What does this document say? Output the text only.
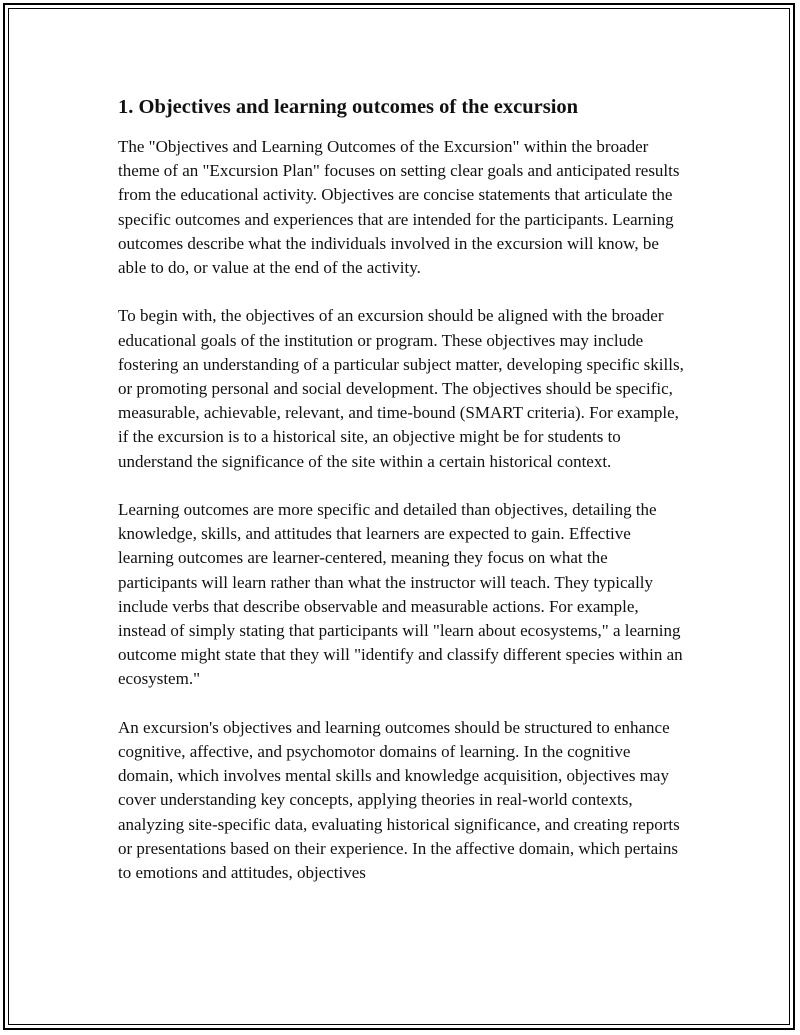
1. Objectives and learning outcomes of the excursion

The "Objectives and Learning Outcomes of the Excursion" within the broader theme of an "Excursion Plan" focuses on setting clear goals and anticipated results from the educational activity. Objectives are concise statements that articulate the specific outcomes and experiences that are intended for the participants. Learning outcomes describe what the individuals involved in the excursion will know, be able to do, or value at the end of the activity.

To begin with, the objectives of an excursion should be aligned with the broader educational goals of the institution or program. These objectives may include fostering an understanding of a particular subject matter, developing specific skills, or promoting personal and social development. The objectives should be specific, measurable, achievable, relevant, and time-bound (SMART criteria). For example, if the excursion is to a historical site, an objective might be for students to understand the significance of the site within a certain historical context.

Learning outcomes are more specific and detailed than objectives, detailing the knowledge, skills, and attitudes that learners are expected to gain. Effective learning outcomes are learner-centered, meaning they focus on what the participants will learn rather than what the instructor will teach. They typically include verbs that describe observable and measurable actions. For example, instead of simply stating that participants will "learn about ecosystems," a learning outcome might state that they will "identify and classify different species within an ecosystem."

An excursion's objectives and learning outcomes should be structured to enhance cognitive, affective, and psychomotor domains of learning. In the cognitive domain, which involves mental skills and knowledge acquisition, objectives may cover understanding key concepts, applying theories in real-world contexts, analyzing site-specific data, evaluating historical significance, and creating reports or presentations based on their experience. In the affective domain, which pertains to emotions and attitudes, objectives
